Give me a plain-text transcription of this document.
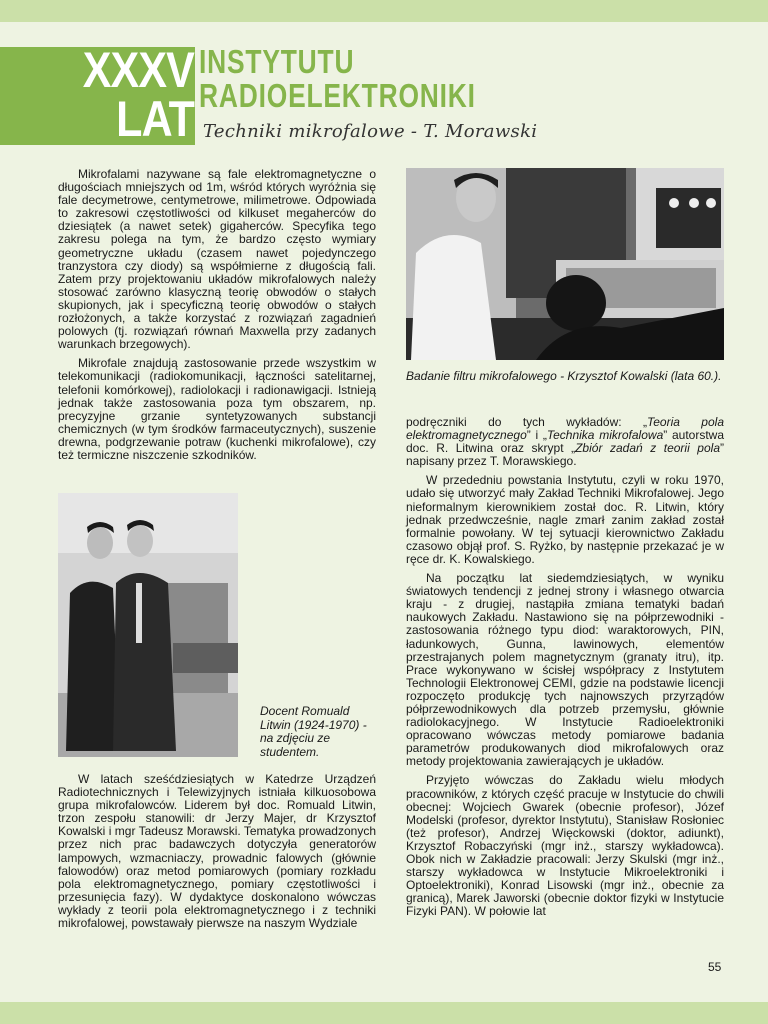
XXXV
LAT
INSTYTUTU
RADIOELEKTRONIKI
Techniki mikrofalowe - T. Morawski

Mikrofalami nazywane są fale elektromagnetyczne o długościach mniejszych od 1m, wśród których wyróżnia się fale decymetrowe, centymetrowe, milimetrowe. Odpowiada to zakresowi częstotliwości od kilkuset megaherców do dziesiątek (a nawet setek) gigaherców. Specyfika tego zakresu polega na tym, że bardzo często wymiary geometryczne układu (czasem nawet pojedynczego tranzystora czy diody) są współmierne z długością fali. Zatem przy projektowaniu układów mikrofalowych należy stosować zarówno klasyczną teorię obwodów o stałych skupionych, jak i specyficzną teorię obwodów o stałych rozłożonych, a także korzystać z rozwiązań zagadnień polowych (tj. rozwiązań równań Maxwella przy zadanych warunkach brzegowych).

Mikrofale znajdują zastosowanie przede wszystkim w telekomunikacji (radiokomunikacji, łączności satelitarnej, telefonii komórkowej), radiolokacji i radionawigacji. Istnieją jednak także zastosowania poza tym obszarem, np. precyzyjne grzanie syntetyzowanych substancji chemicznych (w tym środków farmaceutycznych), suszenie drewna, podgrzewanie potraw (kuchenki mikrofalowe), czy też termiczne niszczenie szkodników.

Badanie filtru mikrofalowego - Krzysztof Kowalski (lata 60.).

podręczniki do tych wykładów: „Teoria pola elektromagnetycznego” i „Technika mikrofalowa” autorstwa doc. R. Litwina oraz skrypt „Zbiór zadań z teorii pola” napisany przez T. Morawskiego.

W przededniu powstania Instytutu, czyli w roku 1970, udało się utworzyć mały Zakład Techniki Mikrofalowej. Jego nieformalnym kierownikiem został doc. R. Litwin, który jednak przedwcześnie, nagle zmarł zanim zakład został formalnie powołany. W tej sytuacji kierownictwo Zakładu czasowo objął prof. S. Ryżko, by następnie przekazać je w ręce dr. K. Kowalskiego.

Na początku lat siedemdziesiątych, w wyniku światowych tendencji z jednej strony i własnego otwarcia kraju - z drugiej, nastąpiła zmiana tematyki badań naukowych Zakładu. Nastawiono się na półprzewodniki - zastosowania różnego typu diod: waraktorowych, PIN, ładunkowych, Gunna, lawinowych, elementów przestrajanych polem magnetycznym (granaty itru), itp. Prace wykonywano w ścisłej współpracy z Instytutem Technologii Elektronowej CEMI, gdzie na podstawie licencji rozpoczęto produkcję tych najnowszych przyrządów półprzewodnikowych dla potrzeb przemysłu, głównie radiolokacyjnego. W Instytucie Radioelektroniki opracowano wówczas metody pomiarowe badania parametrów produkowanych diod mikrofalowych oraz metody projektowania zawierających je układów.

Przyjęto wówczas do Zakładu wielu młodych pracowników, z których część pracuje w Instytucie do chwili obecnej: Wojciech Gwarek (obecnie profesor), Józef Modelski (profesor, dyrektor Instytutu), Stanisław Rosłoniec (też profesor), Andrzej Więckowski (doktor, adiunkt), Krzysztof Robaczyński (mgr inż., starszy wykładowca). Obok nich w Zakładzie pracowali: Jerzy Skulski (mgr inż., starszy wykładowca w Instytucie Mikroelektroniki i Optoelektroniki), Konrad Lisowski (mgr inż., obecnie za granicą), Marek Jaworski (obecnie doktor fizyki w Instytucie Fizyki PAN). W połowie lat

Docent Romuald Litwin (1924-1970) - na zdjęciu ze studentem.

W latach sześćdziesiątych w Katedrze Urządzeń Radiotechnicznych i Telewizyjnych istniała kilkuosobowa grupa mikrofalowców. Liderem był doc. Romuald Litwin, trzon zespołu stanowili: dr Jerzy Majer, dr Krzysztof Kowalski i mgr Tadeusz Morawski. Tematyka prowadzonych przez nich prac badawczych dotyczyła generatorów lampowych, wzmacniaczy, prowadnic falowych (głównie falowodów) oraz metod pomiarowych (pomiary rozkładu pola elektromagnetycznego, pomiary częstotliwości i przesunięcia fazy). W dydaktyce doskonalono wówczas wykłady z teorii pola elektromagnetycznego i z techniki mikrofalowej, powstawały pierwsze na naszym Wydziale

55
